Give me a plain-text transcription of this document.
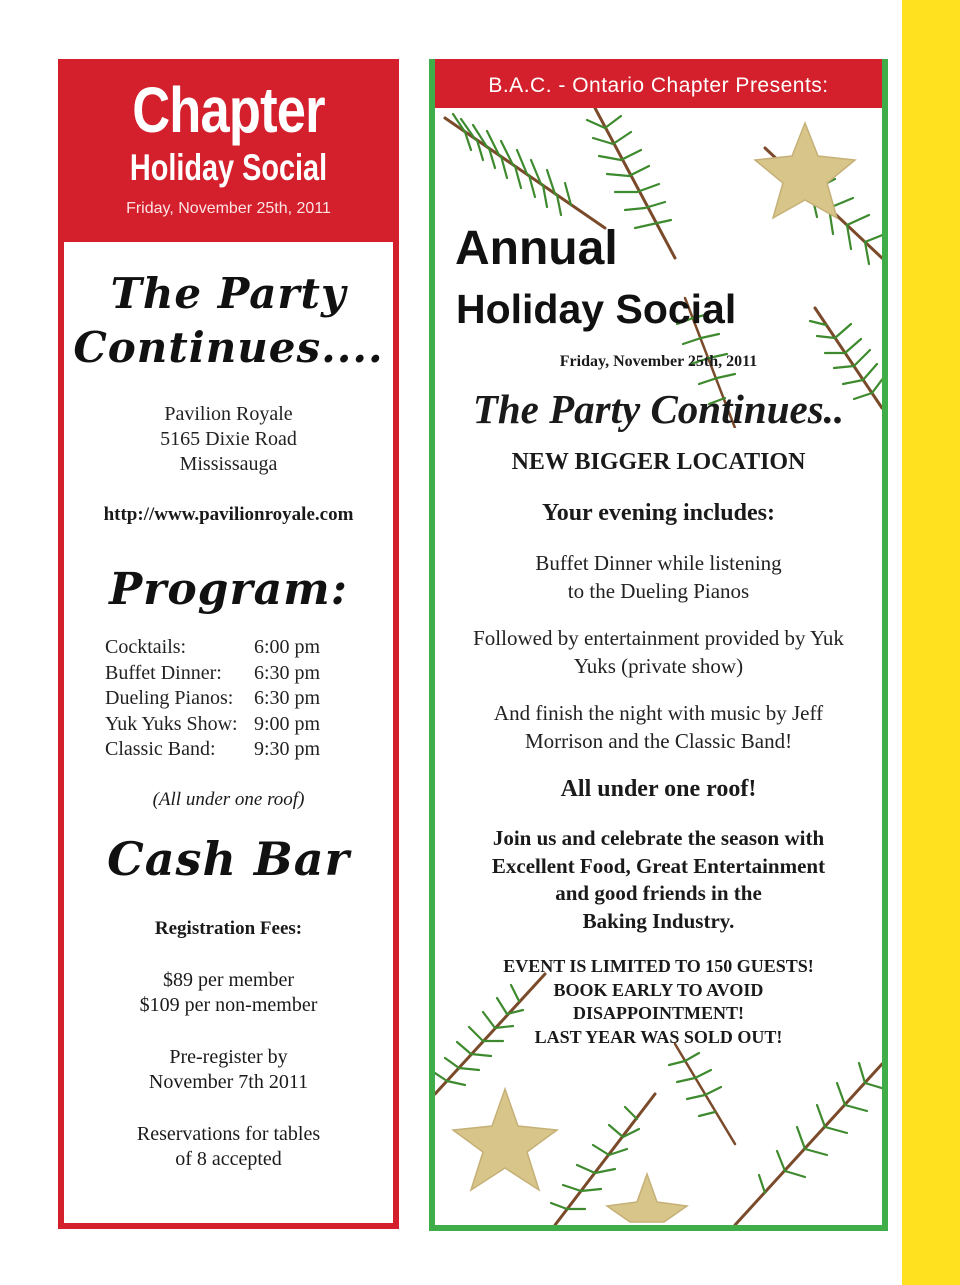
Chapter
Holiday Social
Friday, November 25th, 2011
The Party
Continues....
Pavilion Royale
5165 Dixie Road
Mississauga
http://www.pavilionroyale.com
Program:
Cocktails:	6:00 pm
Buffet Dinner:	6:30 pm
Dueling Pianos:	6:30 pm
Yuk Yuks Show: 9:00 pm
Classic Band:	9:30 pm
(All under one roof)
Cash Bar
Registration Fees:
$89 per member
$109 per non-member
Pre-register by
November 7th 2011
Reservations for tables
of 8 accepted
B.A.C. - Ontario Chapter Presents:
Annual
Holiday Social
Friday, November 25th, 2011
The Party Continues..
NEW BIGGER LOCATION
Your evening includes:
Buffet Dinner while listening
to the Dueling Pianos
Followed by entertainment provided by Yuk
Yuks (private show)
And finish the night with music by Jeff
Morrison and the Classic Band!
All under one roof!
Join us and celebrate the season with
Excellent Food, Great Entertainment
and good friends in the
Baking Industry.
EVENT IS LIMITED TO 150 GUESTS!
BOOK EARLY TO AVOID
DISAPPOINTMENT!
LAST YEAR WAS SOLD OUT!
